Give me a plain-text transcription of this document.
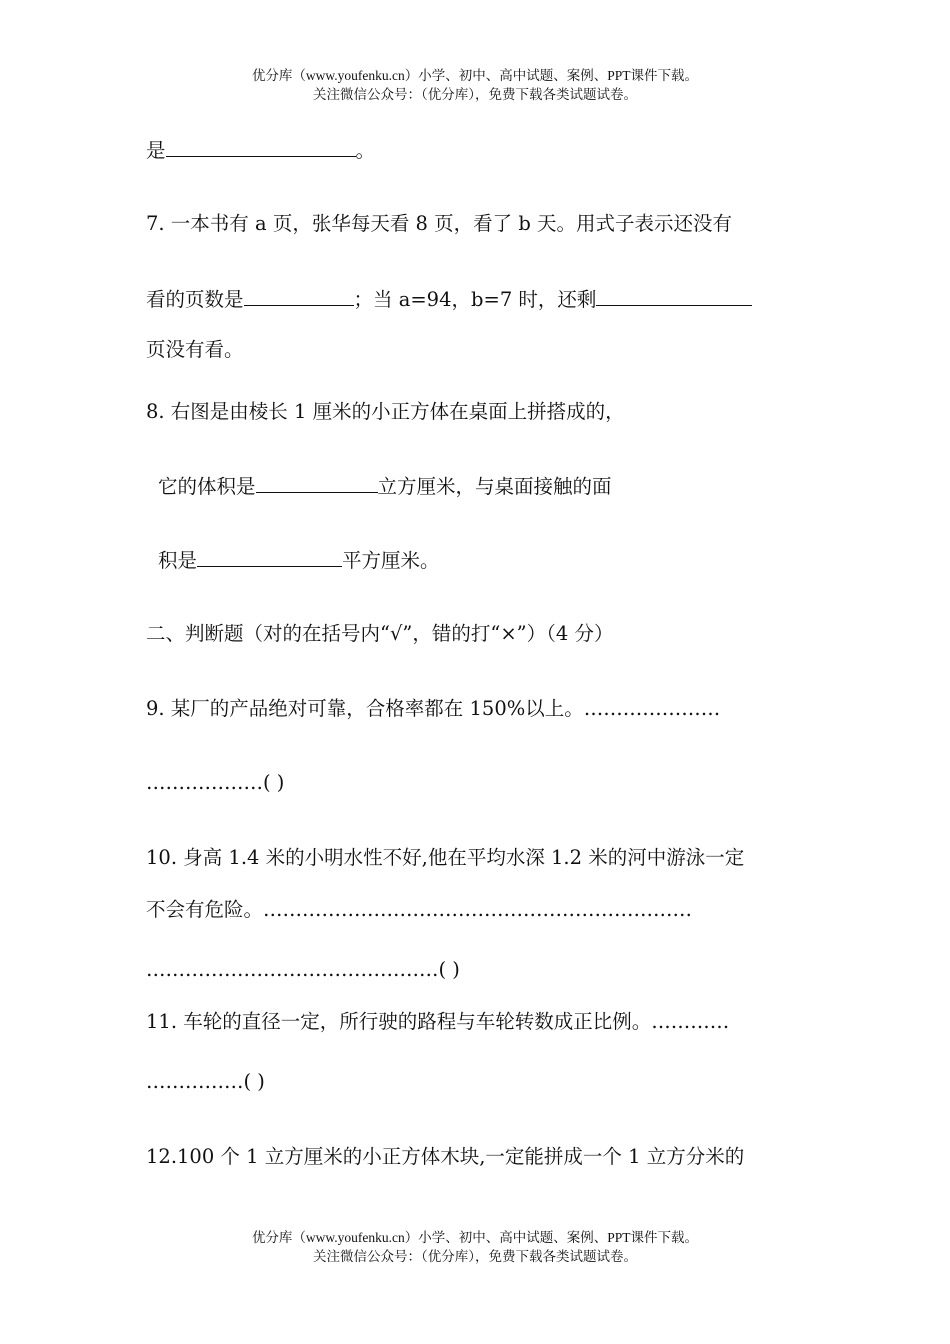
优分库（www.youfenku.cn）小学、初中、高中试题、案例、PPT课件下载。
关注微信公众号：（优分库），免费下载各类试题试卷。
是	。
7. 一本书有 a 页，张华每天看 8 页，看了 b 天。用式子表示还没有
看的页数是	；当 a=94，b=7 时，还剩
页没有看。
8. 右图是由棱长 1 厘米的小正方体在桌面上拼搭成的，
它的体积是	立方厘米，与桌面接触的面
积是	平方厘米。
二、判断题（对的在括号内“√”，错的打“×”）（4 分）
9. 某厂的产品绝对可靠，合格率都在 150%以上。…………………
………………( )
10. 身高 1.4 米的小明水性不好,他在平均水深 1.2 米的河中游泳一定
不会有危险。…………………………………………………………
………………………………………( )
11. 车轮的直径一定，所行驶的路程与车轮转数成正比例。…………
……………( )
12.100 个 1 立方厘米的小正方体木块,一定能拼成一个 1 立方分米的
优分库（www.youfenku.cn）小学、初中、高中试题、案例、PPT课件下载。
关注微信公众号：（优分库），免费下载各类试题试卷。
